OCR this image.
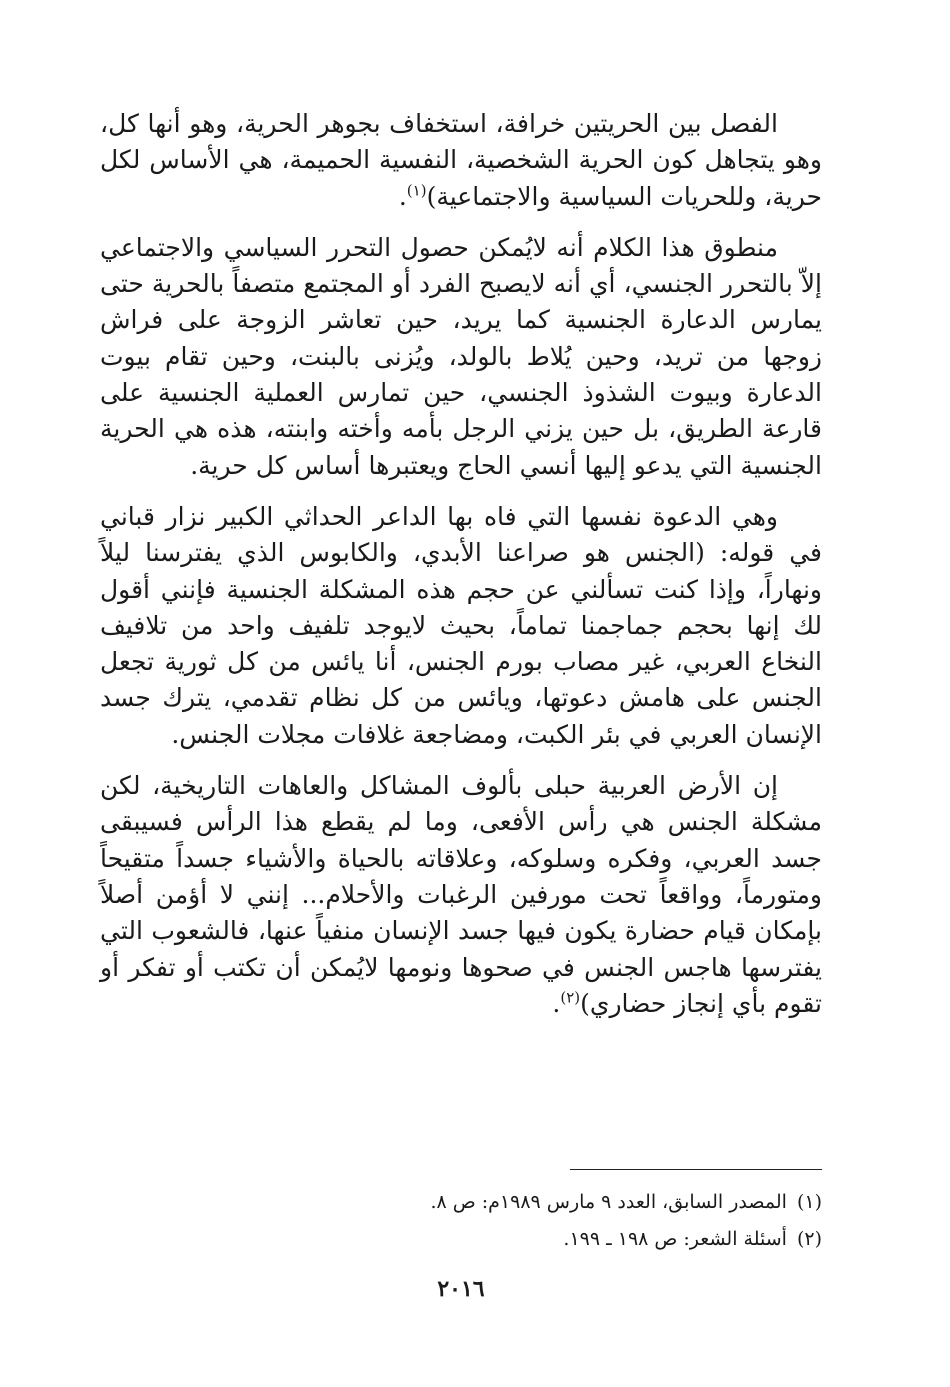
الفصل بين الحريتين خرافة، استخفاف بجوهر الحرية، وهو أنها كل، وهو يتجاهل كون الحرية الشخصية، النفسية الحميمة، هي الأساس لكل حرية، وللحريات السياسية والاجتماعية)$^{(١)}$.

منطوق هذا الكلام أنه لايُمكن حصول التحرر السياسي والاجتماعي إلاّ بالتحرر الجنسي، أي أنه لايصبح الفرد أو المجتمع متصفاً بالحرية حتى يمارس الدعارة الجنسية كما يريد، حين تعاشر الزوجة على فراش زوجها من تريد، وحين يُلاط بالولد، ويُزنى بالبنت، وحين تقام بيوت الدعارة وبيوت الشذوذ الجنسي، حين تمارس العملية الجنسية على قارعة الطريق، بل حين يزني الرجل بأمه وأخته وابنته، هذه هي الحرية الجنسية التي يدعو إليها أنسي الحاج ويعتبرها أساس كل حرية.

وهي الدعوة نفسها التي فاه بها الداعر الحداثي الكبير نزار قباني في قوله: (الجنس هو صراعنا الأبدي، والكابوس الذي يفترسنا ليلاً ونهاراً، وإذا كنت تسألني عن حجم هذه المشكلة الجنسية فإنني أقول لك إنها بحجم جماجمنا تماماً، بحيث لايوجد تلفيف واحد من تلافيف النخاع العربي، غير مصاب بورم الجنس، أنا يائس من كل ثورية تجعل الجنس على هامش دعوتها، ويائس من كل نظام تقدمي، يترك جسد الإنسان العربي في بئر الكبت، ومضاجعة غلافات مجلات الجنس.

إن الأرض العربية حبلى بألوف المشاكل والعاهات التاريخية، لكن مشكلة الجنس هي رأس الأفعى، وما لم يقطع هذا الرأس فسيبقى جسد العربي، وفكره وسلوكه، وعلاقاته بالحياة والأشياء جسداً متقيحاً ومتورماً، وواقعاً تحت مورفين الرغبات والأحلام... إنني لا أؤمن أصلاً بإمكان قيام حضارة يكون فيها جسد الإنسان منفياً عنها، فالشعوب التي يفترسها هاجس الجنس في صحوها ونومها لايُمكن أن تكتب أو تفكر أو تقوم بأي إنجاز حضاري)$^{(٢)}$.

(١)المصدر السابق، العدد ٩ مارس ١٩٨٩م: ص ٨.
(٢)أسئلة الشعر: ص ١٩٨ ـ ١٩٩.
٢٠١٦
